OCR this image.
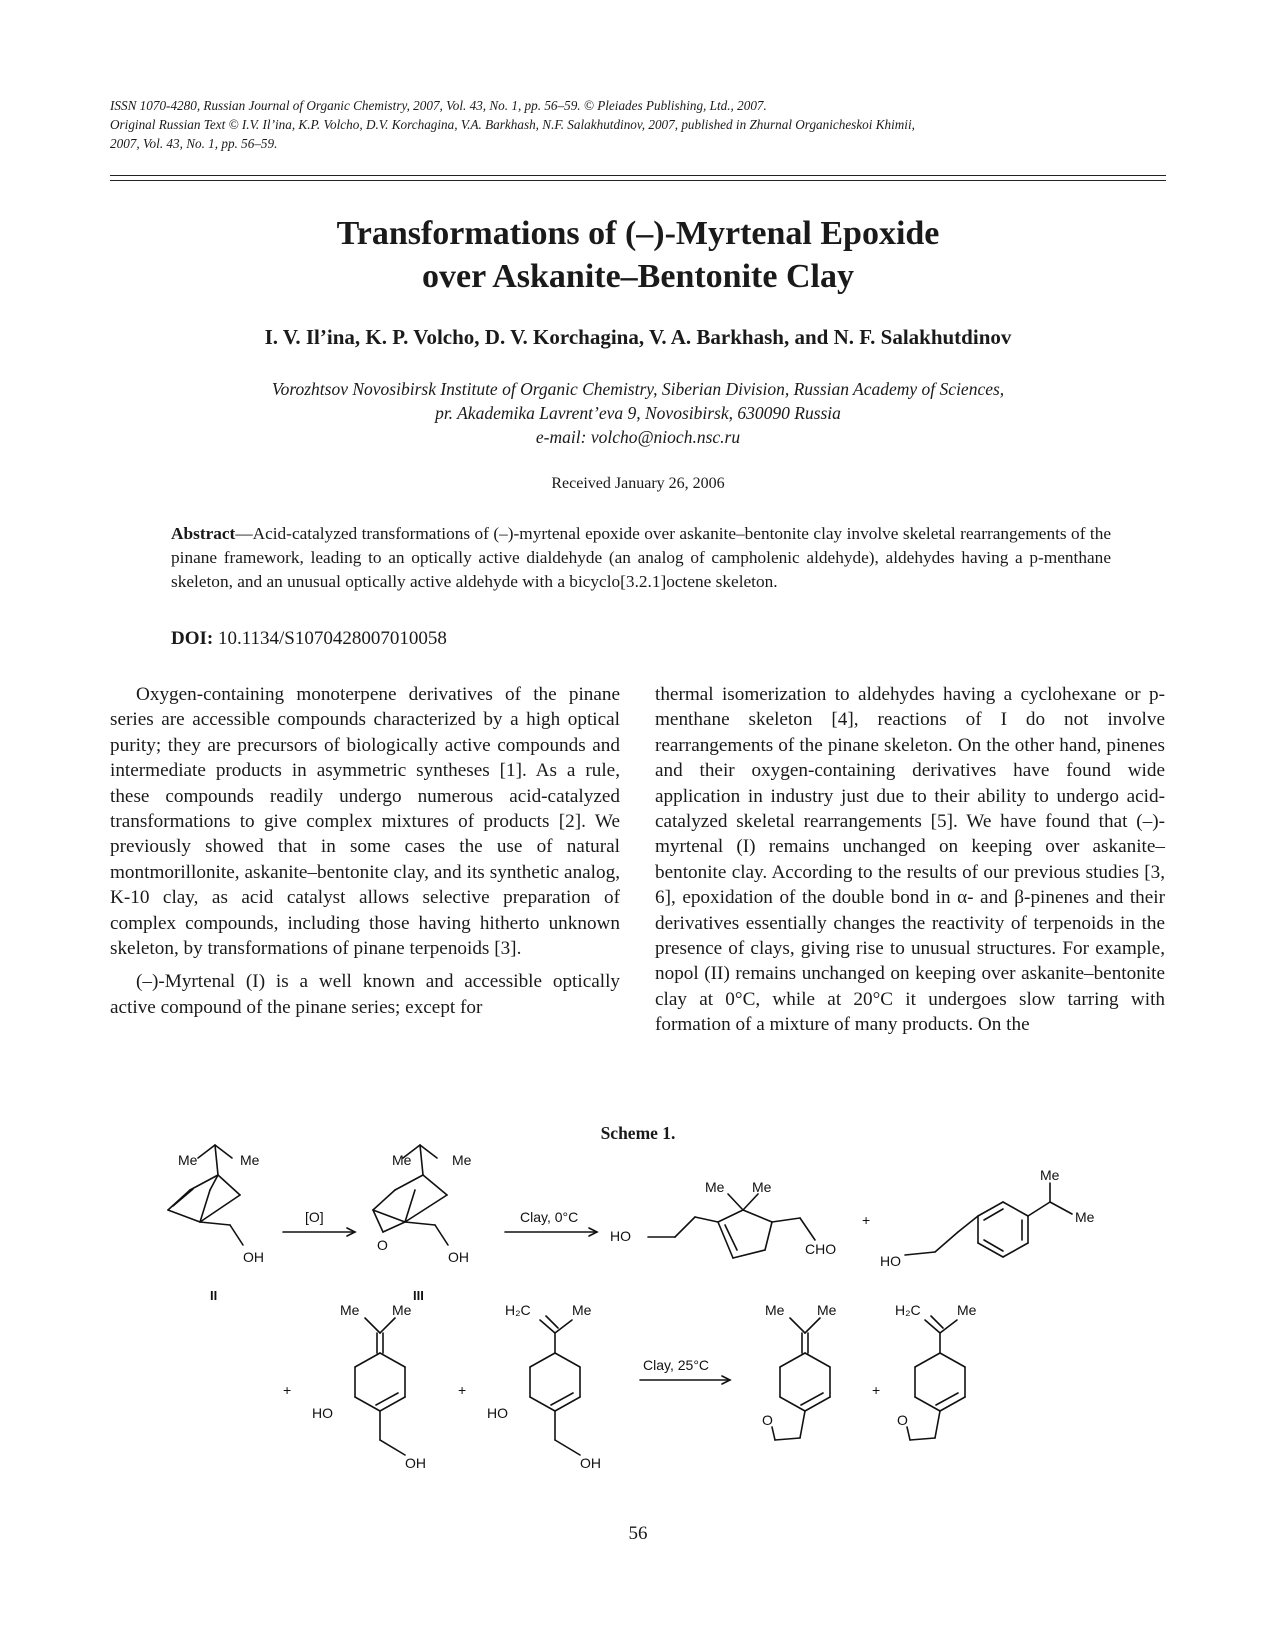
ISSN 1070-4280, Russian Journal of Organic Chemistry, 2007, Vol. 43, No. 1, pp. 56–59. © Pleiades Publishing, Ltd., 2007.
Original Russian Text © I.V. Il’ina, K.P. Volcho, D.V. Korchagina, V.A. Barkhash, N.F. Salakhutdinov, 2007, published in Zhurnal Organicheskoi Khimii,
2007, Vol. 43, No. 1, pp. 56–59.
Transformations of (–)-Myrtenal Epoxide
over Askanite–Bentonite Clay
I. V. Il’ina, K. P. Volcho, D. V. Korchagina, V. A. Barkhash, and N. F. Salakhutdinov
Vorozhtsov Novosibirsk Institute of Organic Chemistry, Siberian Division, Russian Academy of Sciences,
pr. Akademika Lavrent’eva 9, Novosibirsk, 630090 Russia
e-mail: volcho@nioch.nsc.ru
Received January 26, 2006
Abstract—Acid-catalyzed transformations of (–)-myrtenal epoxide over askanite–bentonite clay involve skeletal rearrangements of the pinane framework, leading to an optically active dialdehyde (an analog of campholenic aldehyde), aldehydes having a p-menthane skeleton, and an unusual optically active aldehyde with a bicyclo[3.2.1]octene skeleton.
DOI: 10.1134/S1070428007010058

Oxygen-containing monoterpene derivatives of the pinane series are accessible compounds characterized by a high optical purity; they are precursors of biologically active compounds and intermediate products in asymmetric syntheses [1]. As a rule, these compounds readily undergo numerous acid-catalyzed transformations to give complex mixtures of products [2]. We previously showed that in some cases the use of natural montmorillonite, askanite–bentonite clay, and its synthetic analog, K-10 clay, as acid catalyst allows selective preparation of complex compounds, including those having hitherto unknown skeleton, by transformations of pinane terpenoids [3].

(–)-Myrtenal (I) is a well known and accessible optically active compound of the pinane series; except for

thermal isomerization to aldehydes having a cyclohexane or p-menthane skeleton [4], reactions of I do not involve rearrangements of the pinane skeleton. On the other hand, pinenes and their oxygen-containing derivatives have found wide application in industry just due to their ability to undergo acid-catalyzed skeletal rearrangements [5]. We have found that (–)-myrtenal (I) remains unchanged on keeping over askanite–bentonite clay. According to the results of our previous studies [3, 6], epoxidation of the double bond in α- and β-pinenes and their derivatives essentially changes the reactivity of terpenoids in the presence of clays, giving rise to unusual structures. For example, nopol (II) remains unchanged on keeping over askanite–bentonite clay at 0°C, while at 20°C it undergoes slow tarring with formation of a mixture of many products. On the

Scheme 1.
Me	Me
OH
II
[O]
Me	Me
O
OH
III
Clay, 0°C
HO
Me Me
CHO
+
HO
Me
Me
+
Me Me
HO
OH
+
H₂C	Me
HO
OH
Clay, 25°C
Me Me
O
+
H₂C	Me
O
56
